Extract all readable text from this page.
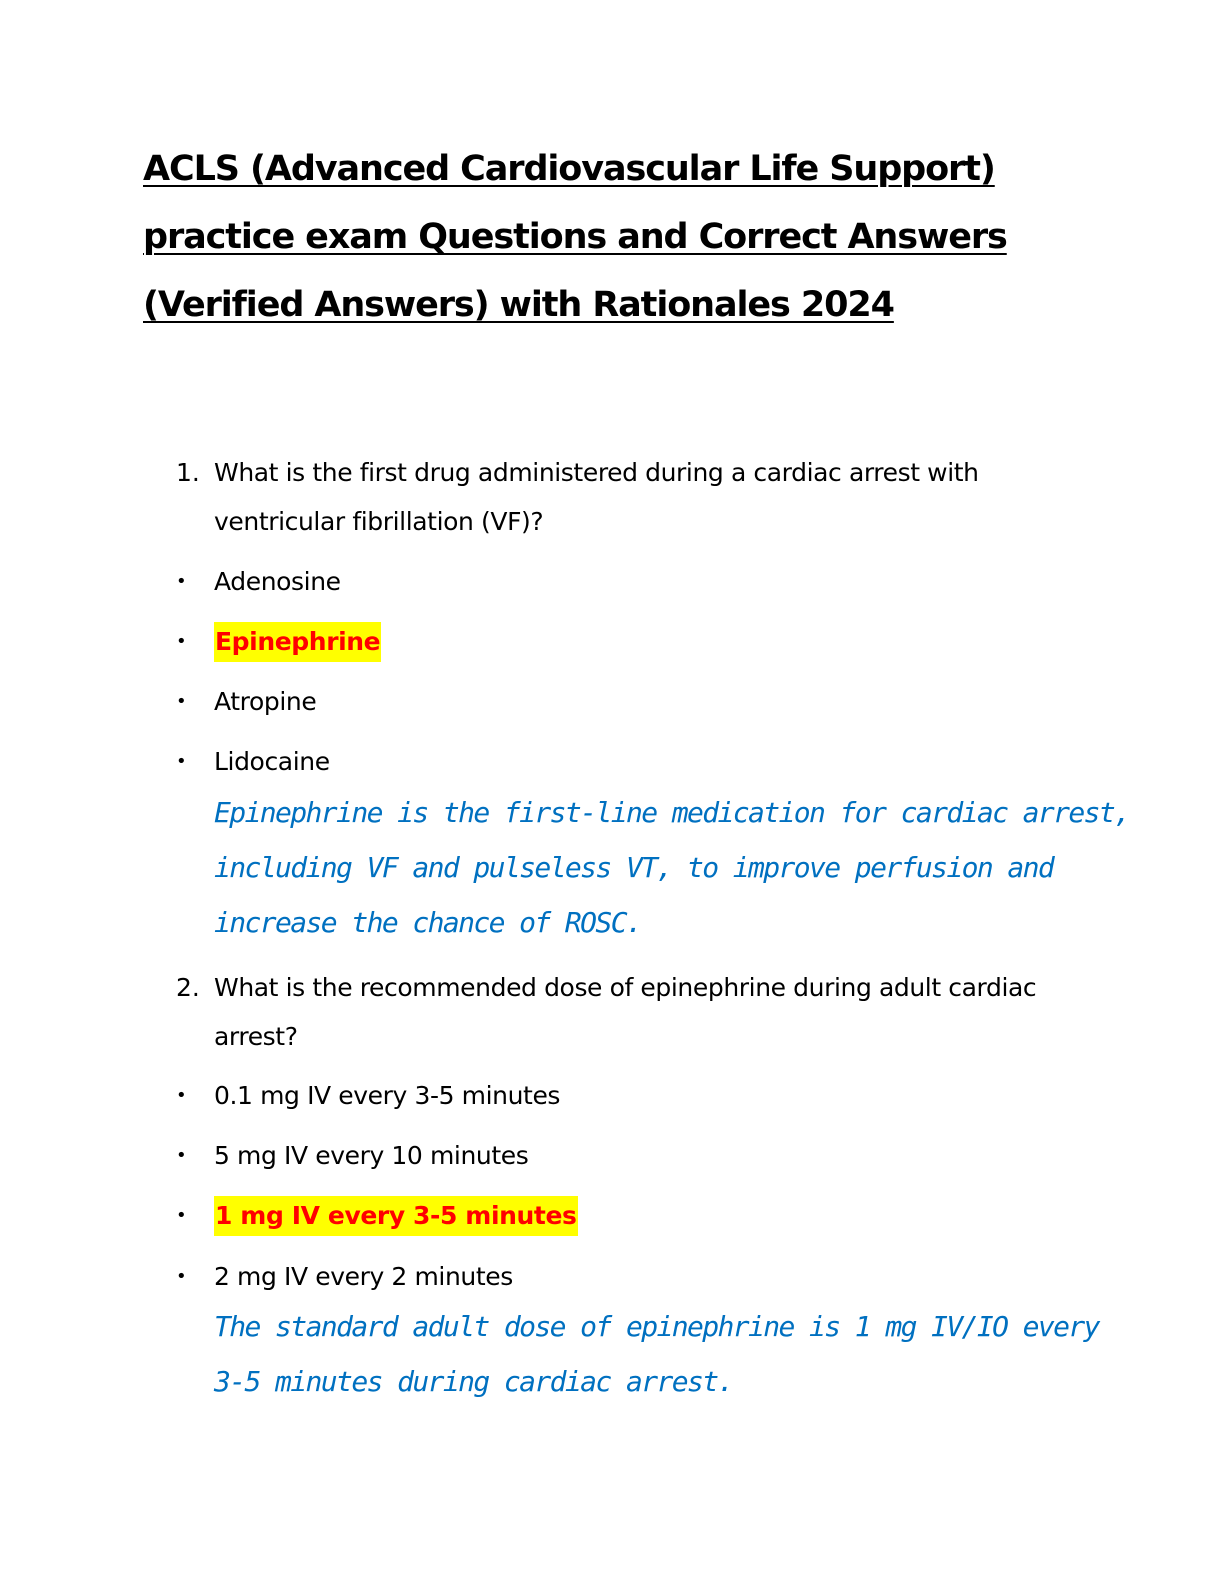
ACLS (Advanced Cardiovascular Life Support)
practice exam Questions and Correct Answers
(Verified Answers) with Rationales 2024
1. What is the first drug administered during a cardiac arrest with
ventricular fibrillation (VF)?
• Adenosine
• Epinephrine
• Atropine
• Lidocaine
Epinephrine is the first-line medication for cardiac arrest,
including VF and pulseless VT, to improve perfusion and
increase the chance of ROSC.
2. What is the recommended dose of epinephrine during adult cardiac
arrest?
• 0.1 mg IV every 3-5 minutes
• 5 mg IV every 10 minutes
• 1 mg IV every 3-5 minutes
• 2 mg IV every 2 minutes
The standard adult dose of epinephrine is 1 mg IV/IO every
3-5 minutes during cardiac arrest.
